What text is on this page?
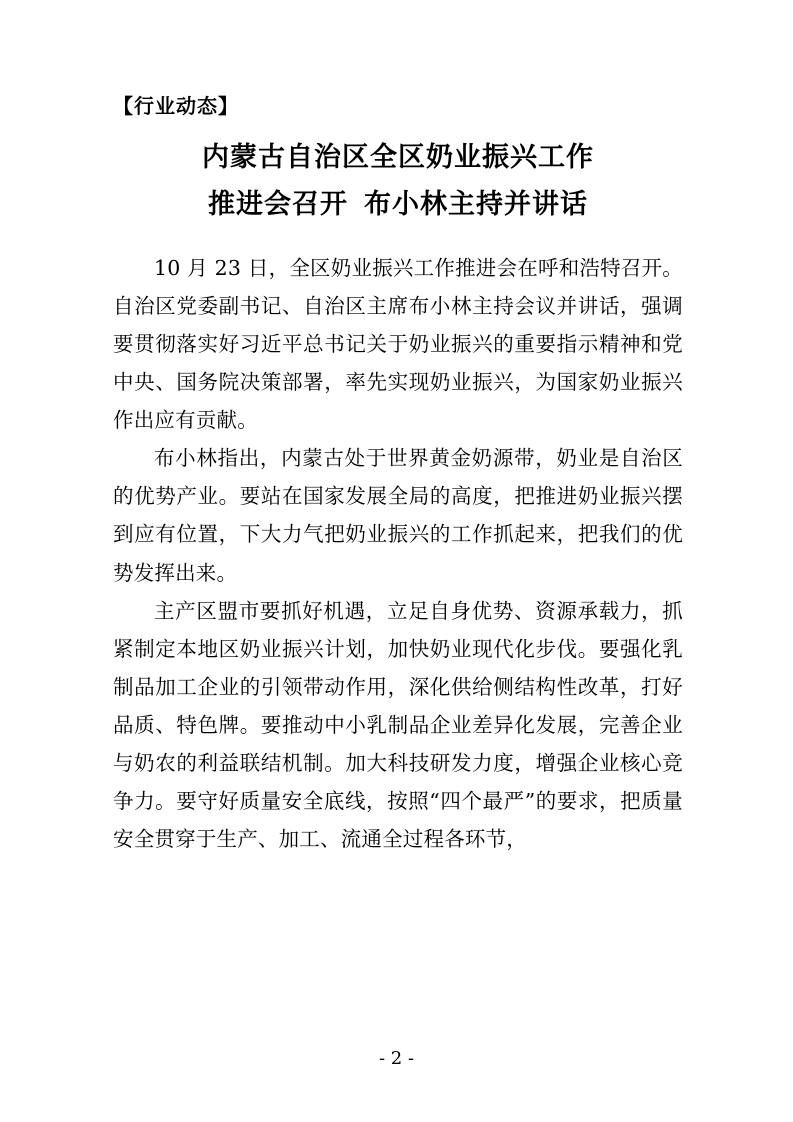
【行业动态】
内蒙古自治区全区奶业振兴工作
推进会召开 布小林主持并讲话

10 月 23 日，全区奶业振兴工作推进会在呼和浩特召开。自治区党委副书记、自治区主席布小林主持会议并讲话，强调要贯彻落实好习近平总书记关于奶业振兴的重要指示精神和党中央、国务院决策部署，率先实现奶业振兴，为国家奶业振兴作出应有贡献。

布小林指出，内蒙古处于世界黄金奶源带，奶业是自治区的优势产业。要站在国家发展全局的高度，把推进奶业振兴摆到应有位置，下大力气把奶业振兴的工作抓起来，把我们的优势发挥出来。

主产区盟市要抓好机遇，立足自身优势、资源承载力，抓紧制定本地区奶业振兴计划，加快奶业现代化步伐。要强化乳制品加工企业的引领带动作用，深化供给侧结构性改革，打好品质、特色牌。要推动中小乳制品企业差异化发展，完善企业与奶农的利益联结机制。加大科技研发力度，增强企业核心竞争力。要守好质量安全底线，按照“四个最严”的要求，把质量安全贯穿于生产、加工、流通全过程各环节，

- 2 -
